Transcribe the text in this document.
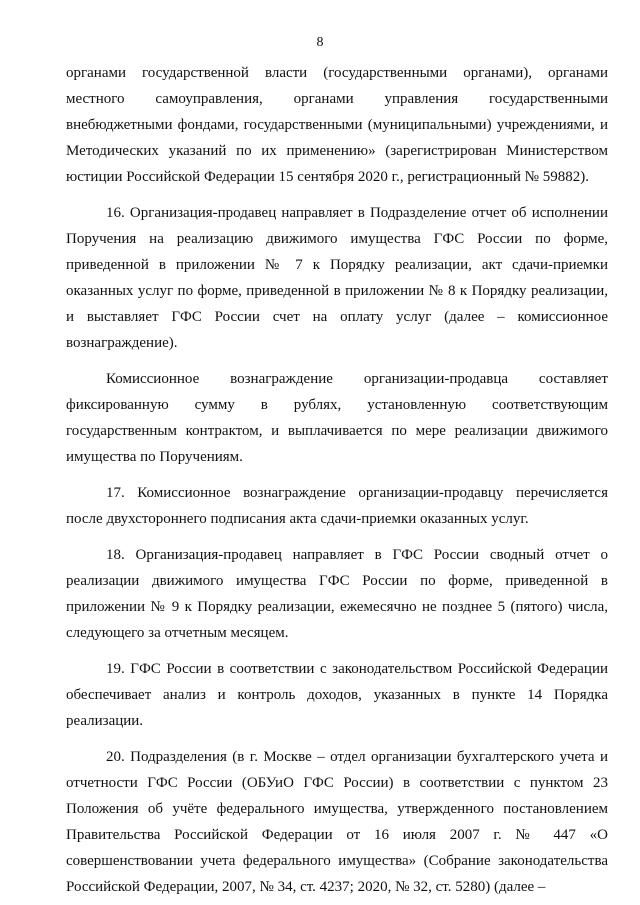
8

органами государственной власти (государственными органами), органами местного самоуправления, органами управления государственными внебюджетными фондами, государственными (муниципальными) учреждениями, и Методических указаний по их применению» (зарегистрирован Министерством юстиции Российской Федерации 15 сентября 2020 г., регистрационный № 59882).

16. Организация-продавец направляет в Подразделение отчет об исполнении Поручения на реализацию движимого имущества ГФС России по форме, приведенной в приложении № 7 к Порядку реализации, акт сдачи-приемки оказанных услуг по форме, приведенной в приложении № 8 к Порядку реализации, и выставляет ГФС России счет на оплату услуг (далее – комиссионное вознаграждение).

Комиссионное вознаграждение организации-продавца составляет фиксированную сумму в рублях, установленную соответствующим государственным контрактом, и выплачивается по мере реализации движимого имущества по Поручениям.

17. Комиссионное вознаграждение организации-продавцу перечисляется после двухстороннего подписания акта сдачи-приемки оказанных услуг.

18. Организация-продавец направляет в ГФС России сводный отчет о реализации движимого имущества ГФС России по форме, приведенной в приложении № 9 к Порядку реализации, ежемесячно не позднее 5 (пятого) числа, следующего за отчетным месяцем.

19. ГФС России в соответствии с законодательством Российской Федерации обеспечивает анализ и контроль доходов, указанных в пункте 14 Порядка реализации.

20. Подразделения (в г. Москве – отдел организации бухгалтерского учета и отчетности ГФС России (ОБУиО ГФС России) в соответствии с пунктом 23 Положения об учёте федерального имущества, утвержденного постановлением Правительства Российской Федерации от 16 июля 2007 г. № 447 «О совершенствовании учета федерального имущества» (Собрание законодательства Российской Федерации, 2007, № 34, ст. 4237; 2020, № 32, ст. 5280) (далее –
